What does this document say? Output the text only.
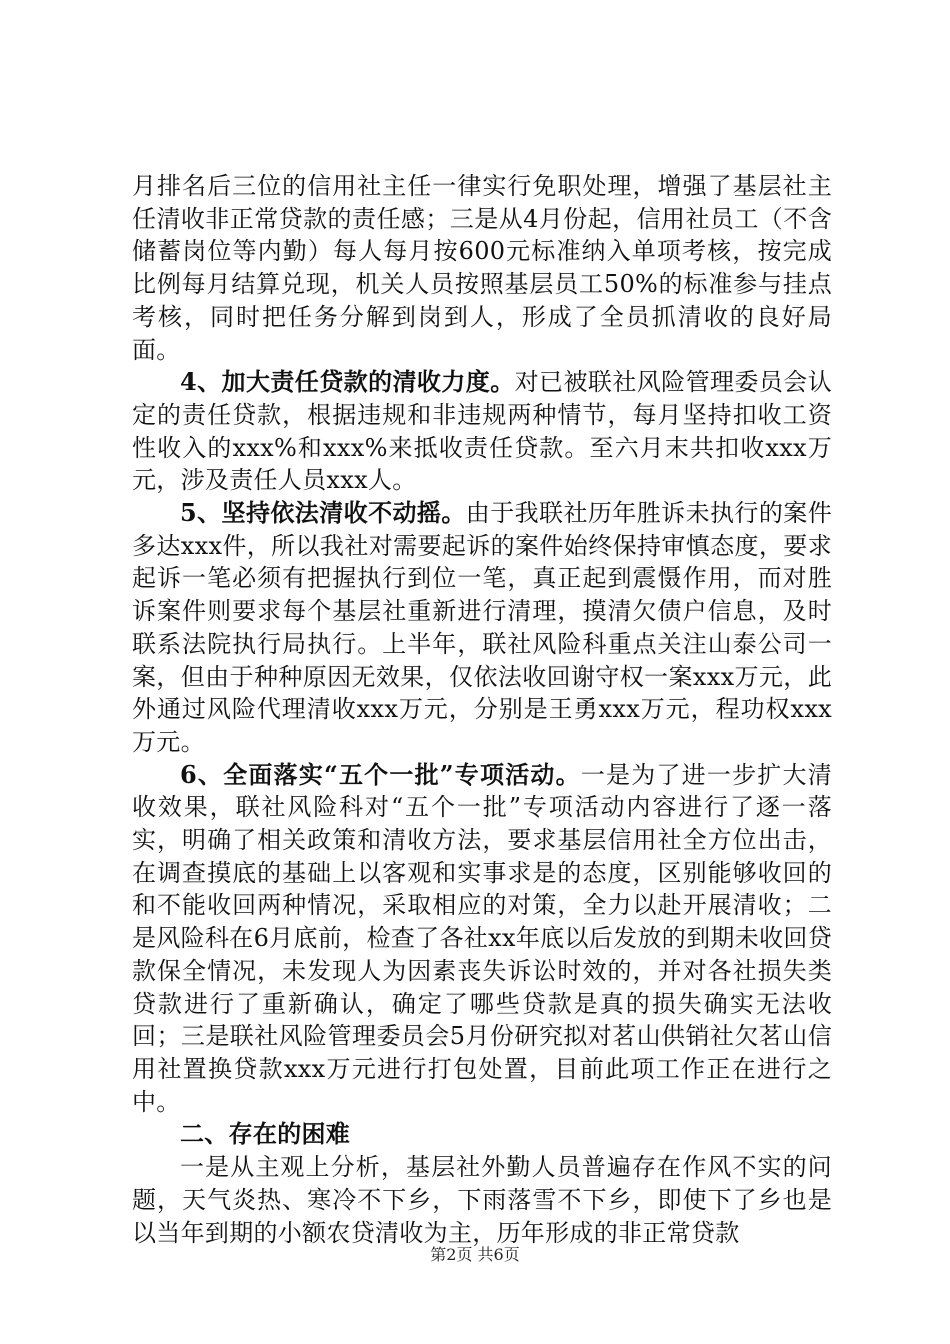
月排名后三位的信用社主任一律实行免职处理，增强了基层社主任清收非正常贷款的责任感；三是从4月份起，信用社员工（不含储蓄岗位等内勤）每人每月按600元标准纳入单项考核，按完成比例每月结算兑现，机关人员按照基层员工50%的标准参与挂点考核，同时把任务分解到岗到人，形成了全员抓清收的良好局面。

4、加大责任贷款的清收力度。对已被联社风险管理委员会认定的责任贷款，根据违规和非违规两种情节，每月坚持扣收工资性收入的xxx%和xxx%来抵收责任贷款。至六月末共扣收xxx万元，涉及责任人员xxx人。

5、坚持依法清收不动摇。由于我联社历年胜诉未执行的案件多达xxx件，所以我社对需要起诉的案件始终保持审慎态度，要求起诉一笔必须有把握执行到位一笔，真正起到震慑作用，而对胜诉案件则要求每个基层社重新进行清理，摸清欠债户信息，及时联系法院执行局执行。上半年，联社风险科重点关注山泰公司一案，但由于种种原因无效果，仅依法收回谢守权一案xxx万元，此外通过风险代理清收xxx万元，分别是王勇xxx万元，程功权xxx万元。

6、全面落实“五个一批”专项活动。一是为了进一步扩大清收效果，联社风险科对“五个一批”专项活动内容进行了逐一落实，明确了相关政策和清收方法，要求基层信用社全方位出击，在调查摸底的基础上以客观和实事求是的态度，区别能够收回的和不能收回两种情况，采取相应的对策，全力以赴开展清收；二是风险科在6月底前，检查了各社xx年底以后发放的到期未收回贷款保全情况，未发现人为因素丧失诉讼时效的，并对各社损失类贷款进行了重新确认，确定了哪些贷款是真的损失确实无法收回；三是联社风险管理委员会5月份研究拟对茗山供销社欠茗山信用社置换贷款xxx万元进行打包处置，目前此项工作正在进行之中。

二、存在的困难

一是从主观上分析，基层社外勤人员普遍存在作风不实的问题，天气炎热、寒冷不下乡，下雨落雪不下乡，即使下了乡也是以当年到期的小额农贷清收为主，历年形成的非正常贷款

第2页 共6页
